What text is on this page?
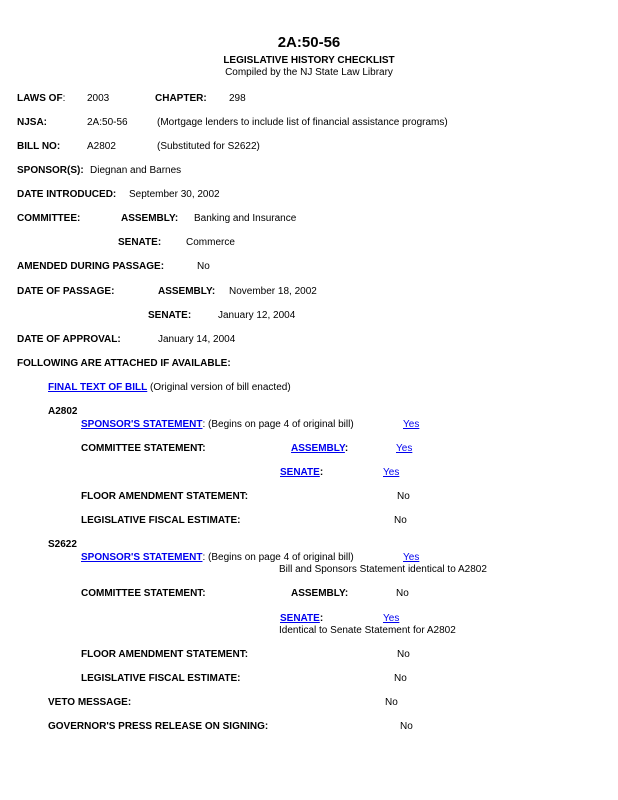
2A:50-56
LEGISLATIVE HISTORY CHECKLIST
Compiled by the NJ State Law Library
LAWS OF: 2003	CHAPTER: 298
NJSA:	2A:50-56	(Mortgage lenders to include list of financial assistance programs)
BILL NO:	A2802	(Substituted for S2622)
SPONSOR(S): Diegnan and Barnes
DATE INTRODUCED: September 30, 2002
COMMITTEE:	ASSEMBLY: Banking and Insurance
SENATE: Commerce
AMENDED DURING PASSAGE:	No
DATE OF PASSAGE:	ASSEMBLY: November 18, 2002
SENATE:	January 12, 2004
DATE OF APPROVAL:	January 14, 2004
FOLLOWING ARE ATTACHED IF AVAILABLE:
FINAL TEXT OF BILL (Original version of bill enacted)
A2802
SPONSOR'S STATEMENT: (Begins on page 4 of original bill)	Yes
COMMITTEE STATEMENT:	ASSEMBLY:	Yes
SENATE:	Yes
FLOOR AMENDMENT STATEMENT:	No
LEGISLATIVE FISCAL ESTIMATE:	No
S2622
SPONSOR'S STATEMENT: (Begins on page 4 of original bill)	Yes
Bill and Sponsors Statement identical to A2802
COMMITTEE STATEMENT:	ASSEMBLY:	No
SENATE:	Yes
Identical to Senate Statement for A2802
FLOOR AMENDMENT STATEMENT:	No
LEGISLATIVE FISCAL ESTIMATE:	No
VETO MESSAGE:	No
GOVERNOR'S PRESS RELEASE ON SIGNING:	No
